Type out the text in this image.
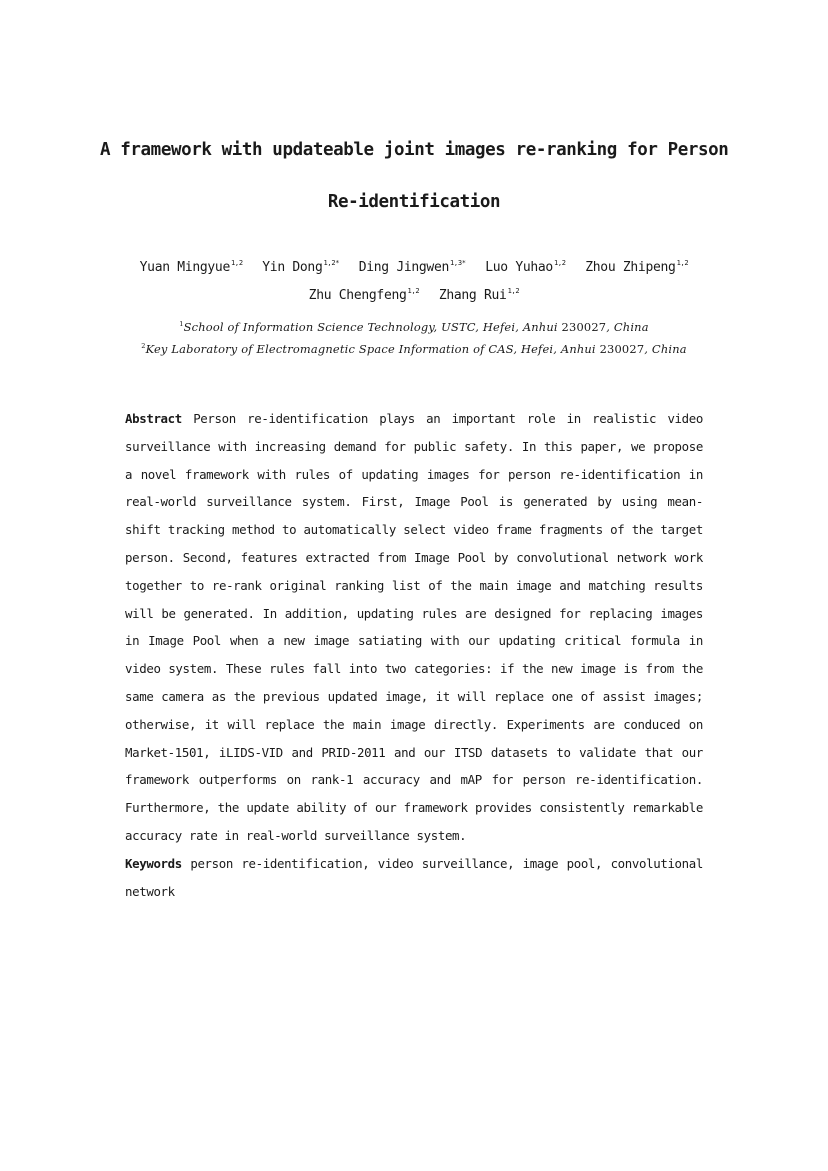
A framework with updateable joint images re-ranking for Person
Re-identification
Yuan Mingyue$^{1,2}$ Yin Dong$^{1,2*}$ Ding Jingwen$^{1,3*}$ Luo Yuhao$^{1,2}$ Zhou Zhipeng$^{1,2}$
Zhu Chengfeng$^{1,2}$ Zhang Rui$^{1,2}$
$^1$School of Information Science Technology, USTC, Hefei, Anhui 230027, China
$^2$Key Laboratory of Electromagnetic Space Information of CAS, Hefei, Anhui 230027, China
Abstract Person re-identification plays an important role in realistic video surveillance with increasing demand for public safety. In this paper, we propose a novel framework with rules of updating images for person re-identification in real-world surveillance system. First, Image Pool is generated by using mean-shift tracking method to automatically select video frame fragments of the target person. Second, features extracted from Image Pool by convolutional network work together to re-rank original ranking list of the main image and matching results will be generated. In addition, updating rules are designed for replacing images in Image Pool when a new image satiating with our updating critical formula in video system. These rules fall into two categories: if the new image is from the same camera as the previous updated image, it will replace one of assist images; otherwise, it will replace the main image directly. Experiments are conduced on Market-1501, iLIDS-VID and PRID-2011 and our ITSD datasets to validate that our framework outperforms on rank-1 accuracy and mAP for person re-identification. Furthermore, the update ability of our framework provides consistently remarkable accuracy rate in real-world surveillance system.
Keywords person re-identification, video surveillance, image pool, convolutional network
